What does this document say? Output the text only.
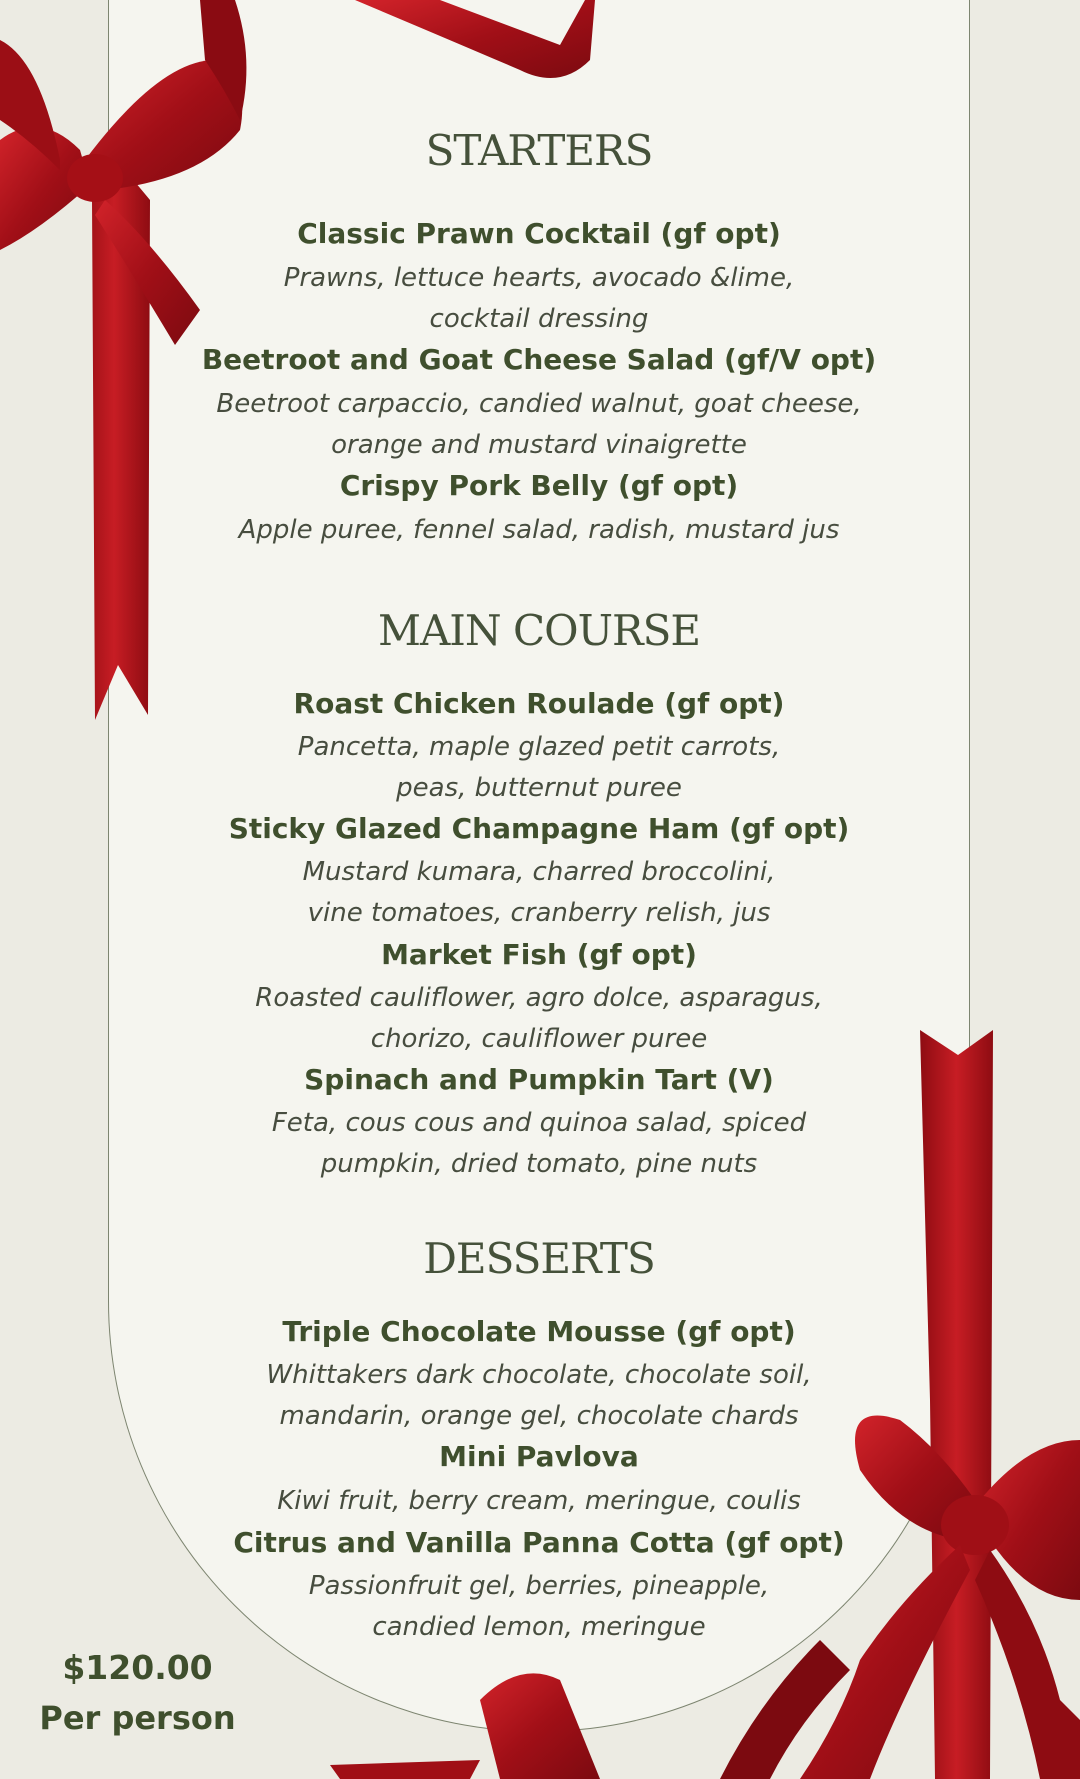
STARTERS
Classic Prawn Cocktail (gf opt)
Prawns, lettuce hearts, avocado &lime,
cocktail dressing
Beetroot and Goat Cheese Salad (gf/V opt)
Beetroot carpaccio, candied walnut, goat cheese,
orange and mustard vinaigrette
Crispy Pork Belly (gf opt)
Apple puree, fennel salad, radish, mustard jus
MAIN COURSE
Roast Chicken Roulade (gf opt)
Pancetta, maple glazed petit carrots,
peas, butternut puree
Sticky Glazed Champagne Ham (gf opt)
Mustard kumara, charred broccolini,
vine tomatoes, cranberry relish, jus
Market Fish (gf opt)
Roasted cauliflower, agro dolce, asparagus,
chorizo, cauliflower puree
Spinach and Pumpkin Tart (V)
Feta, cous cous and quinoa salad, spiced
pumpkin, dried tomato, pine nuts
DESSERTS
Triple Chocolate Mousse (gf opt)
Whittakers dark chocolate, chocolate soil,
mandarin, orange gel, chocolate chards
Mini Pavlova
Kiwi fruit, berry cream, meringue, coulis
Citrus and Vanilla Panna Cotta (gf opt)
Passionfruit gel, berries, pineapple,
candied lemon, meringue
$120.00
Per person
